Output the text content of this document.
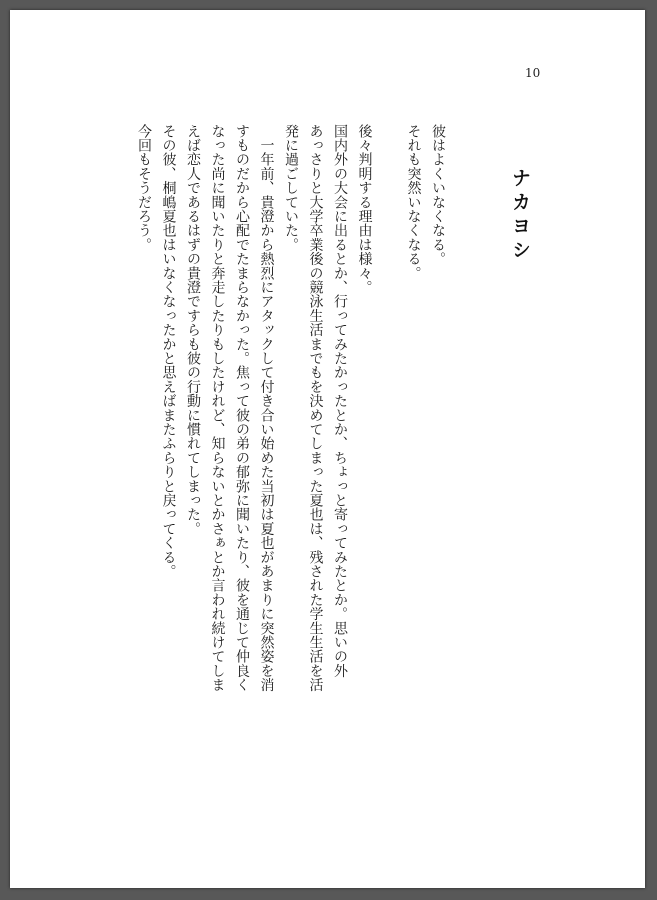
10
ナカヨシ
彼はよくいなくなる。
それも突然いなくなる。
後々判明する理由は様々。
国内外の大会に出るとか、行ってみたかったとか、ちょっと寄ってみたとか。思いの外
あっさりと大学卒業後の競泳生活までもを決めてしまった夏也は、残された学生生活を活
発に過ごしていた。
　一年前、貴澄から熱烈にアタックして付き合い始めた当初は夏也があまりに突然姿を消
すものだから心配でたまらなかった。焦って彼の弟の郁弥に聞いたり、彼を通じて仲良く
なった尚に聞いたりと奔走したりもしたけれど、知らないとかさぁとか言われ続けてしま
えば恋人であるはずの貴澄ですらも彼の行動に慣れてしまった。
その彼、桐嶋夏也はいなくなったかと思えばまたふらりと戻ってくる。
今回もそうだろう。
